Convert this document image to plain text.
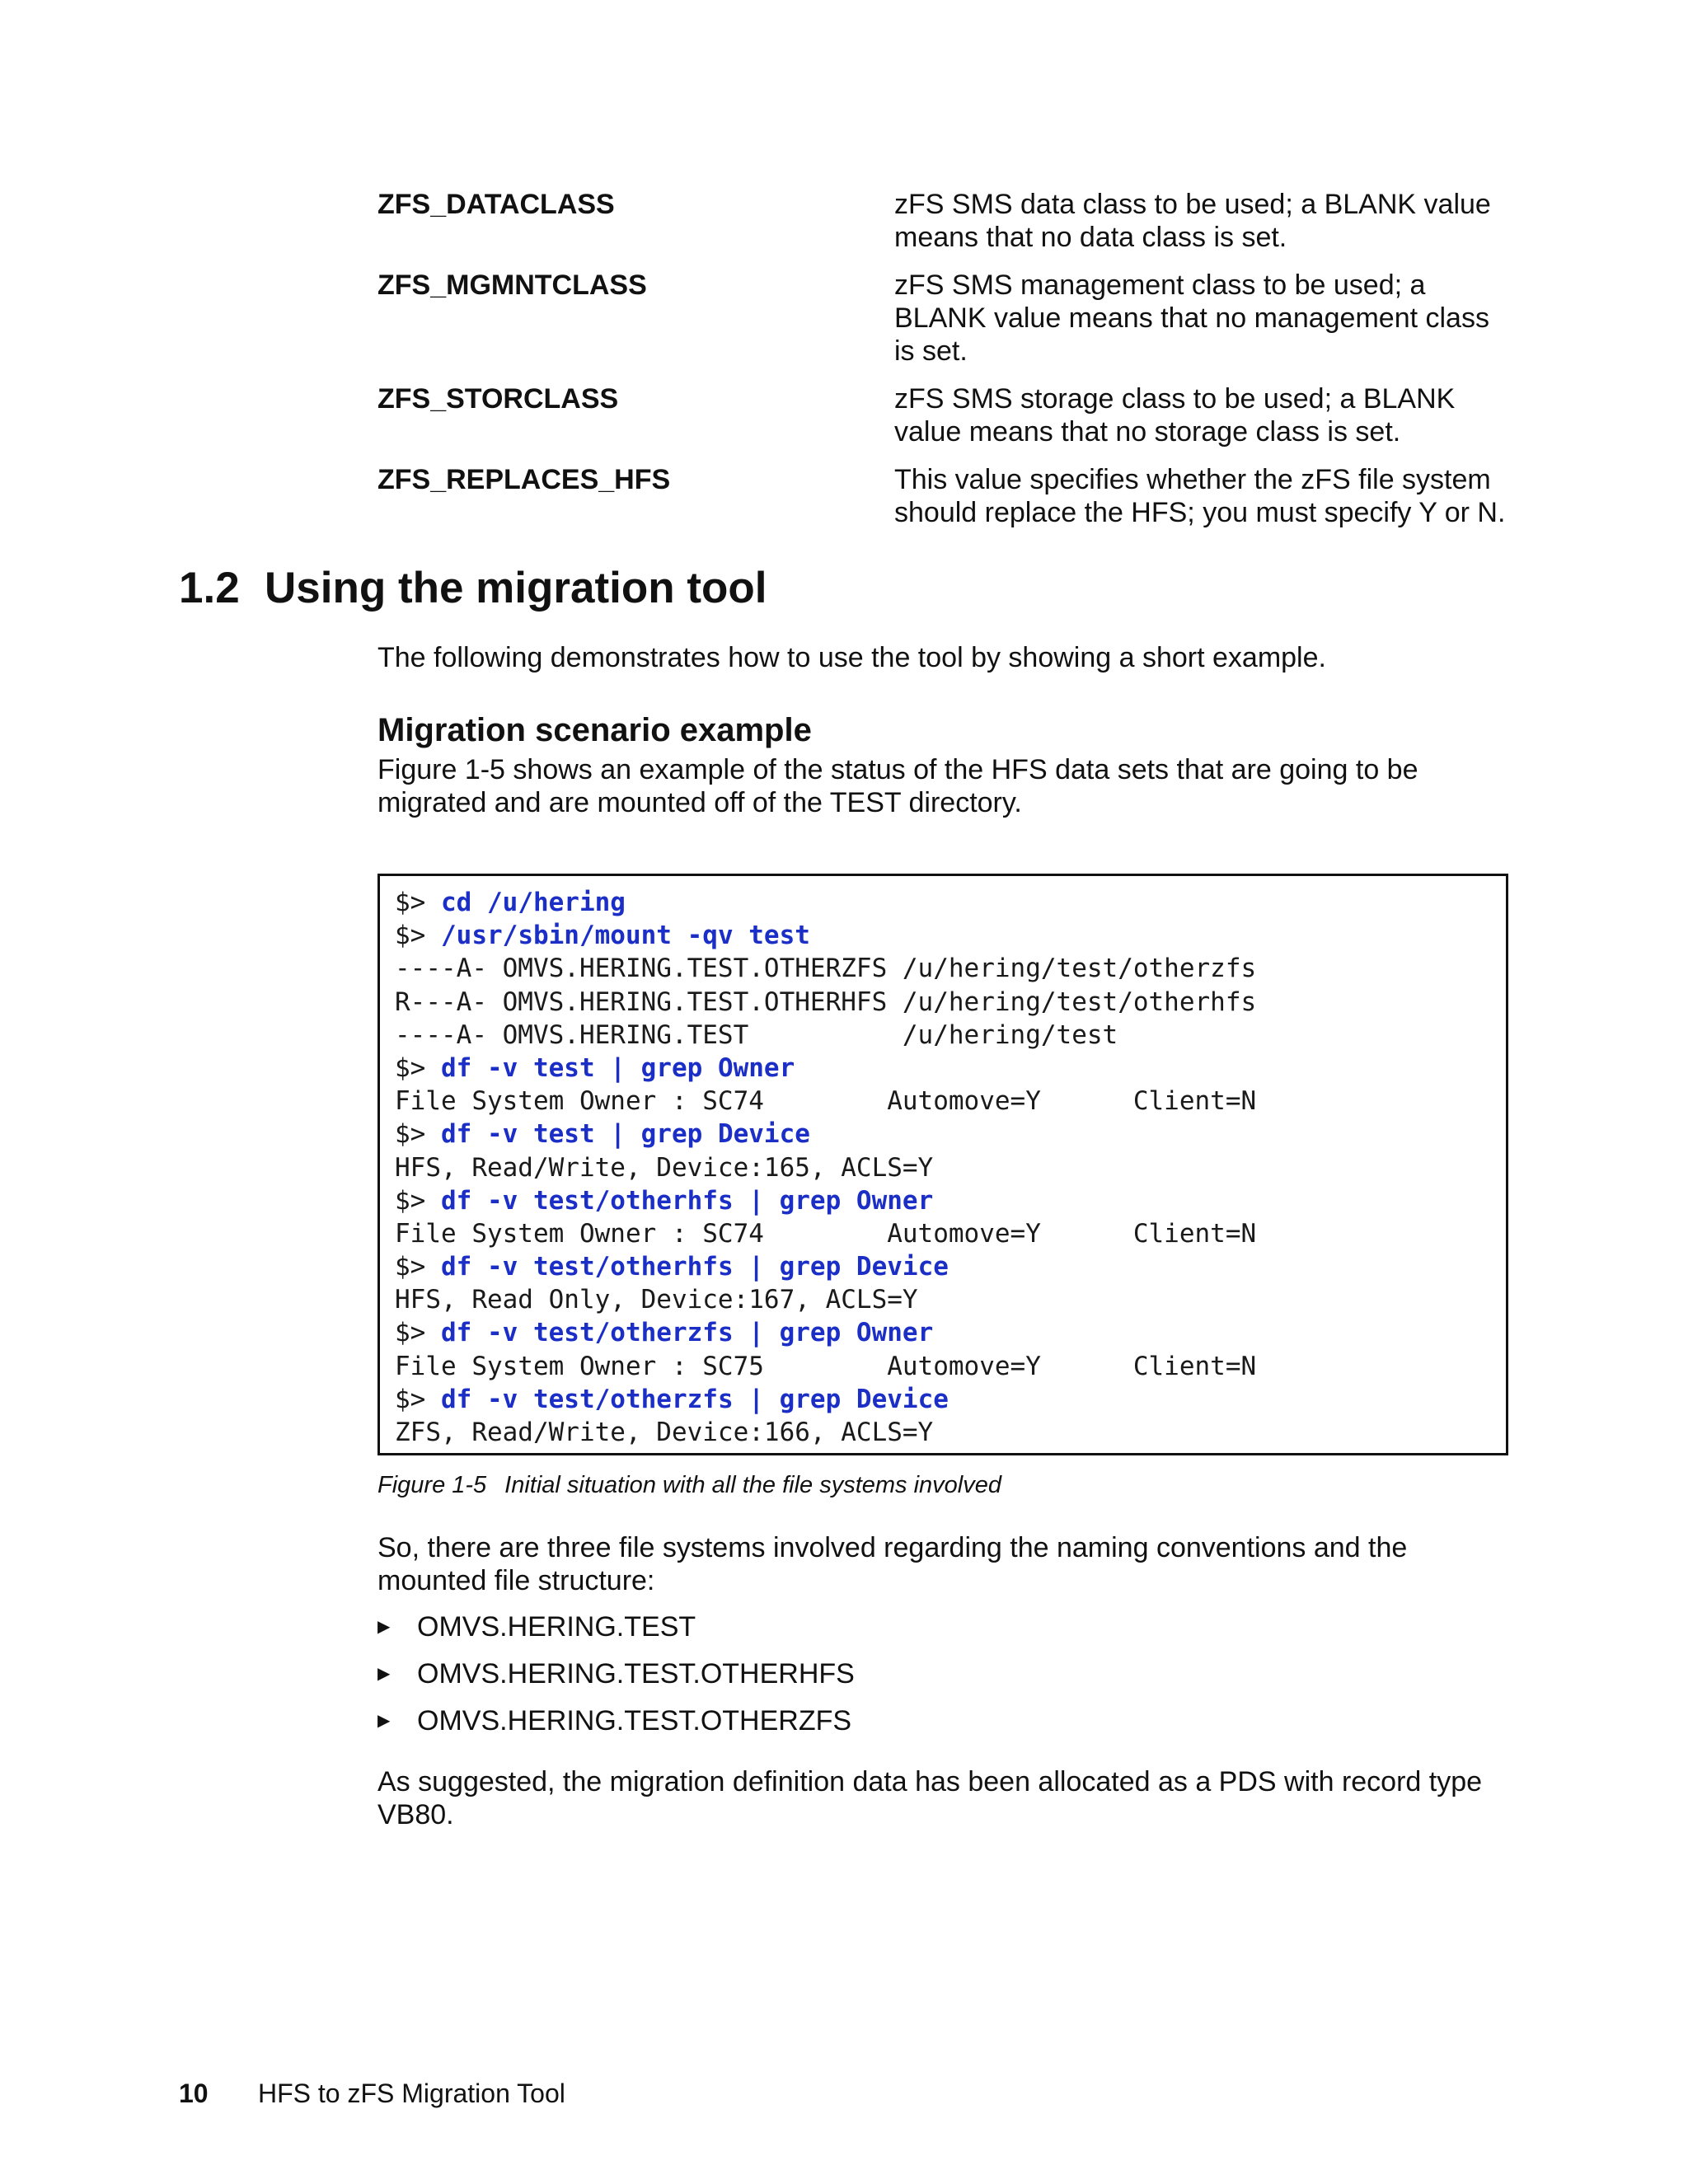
ZFS_DATACLASS	zFS SMS data class to be used; a BLANK value means that no data class is set.
ZFS_MGMNTCLASS	zFS SMS management class to be used; a BLANK value means that no management class is set.
ZFS_STORCLASS	zFS SMS storage class to be used; a BLANK value means that no storage class is set.
ZFS_REPLACES_HFS	This value specifies whether the zFS file system should replace the HFS; you must specify Y or N.
1.2 Using the migration tool

The following demonstrates how to use the tool by showing a short example.

Migration scenario example

Figure 1-5 shows an example of the status of the HFS data sets that are going to be migrated and are mounted off of the TEST directory.

$> cd /u/hering
$> /usr/sbin/mount -qv test
----A- OMVS.HERING.TEST.OTHERZFS /u/hering/test/otherzfs
R---A- OMVS.HERING.TEST.OTHERHFS /u/hering/test/otherhfs
----A- OMVS.HERING.TEST          /u/hering/test
$> df -v test | grep Owner
File System Owner : SC74        Automove=Y      Client=N
$> df -v test | grep Device
HFS, Read/Write, Device:165, ACLS=Y
$> df -v test/otherhfs | grep Owner
File System Owner : SC74        Automove=Y      Client=N
$> df -v test/otherhfs | grep Device
HFS, Read Only, Device:167, ACLS=Y
$> df -v test/otherzfs | grep Owner
File System Owner : SC75        Automove=Y      Client=N
$> df -v test/otherzfs | grep Device
ZFS, Read/Write, Device:166, ACLS=Y

Figure 1-5 Initial situation with all the file systems involved

So, there are three file systems involved regarding the naming conventions and the mounted file structure:

▶ OMVS.HERING.TEST
▶ OMVS.HERING.TEST.OTHERHFS
▶ OMVS.HERING.TEST.OTHERZFS

As suggested, the migration definition data has been allocated as a PDS with record type VB80.

10 HFS to zFS Migration Tool
